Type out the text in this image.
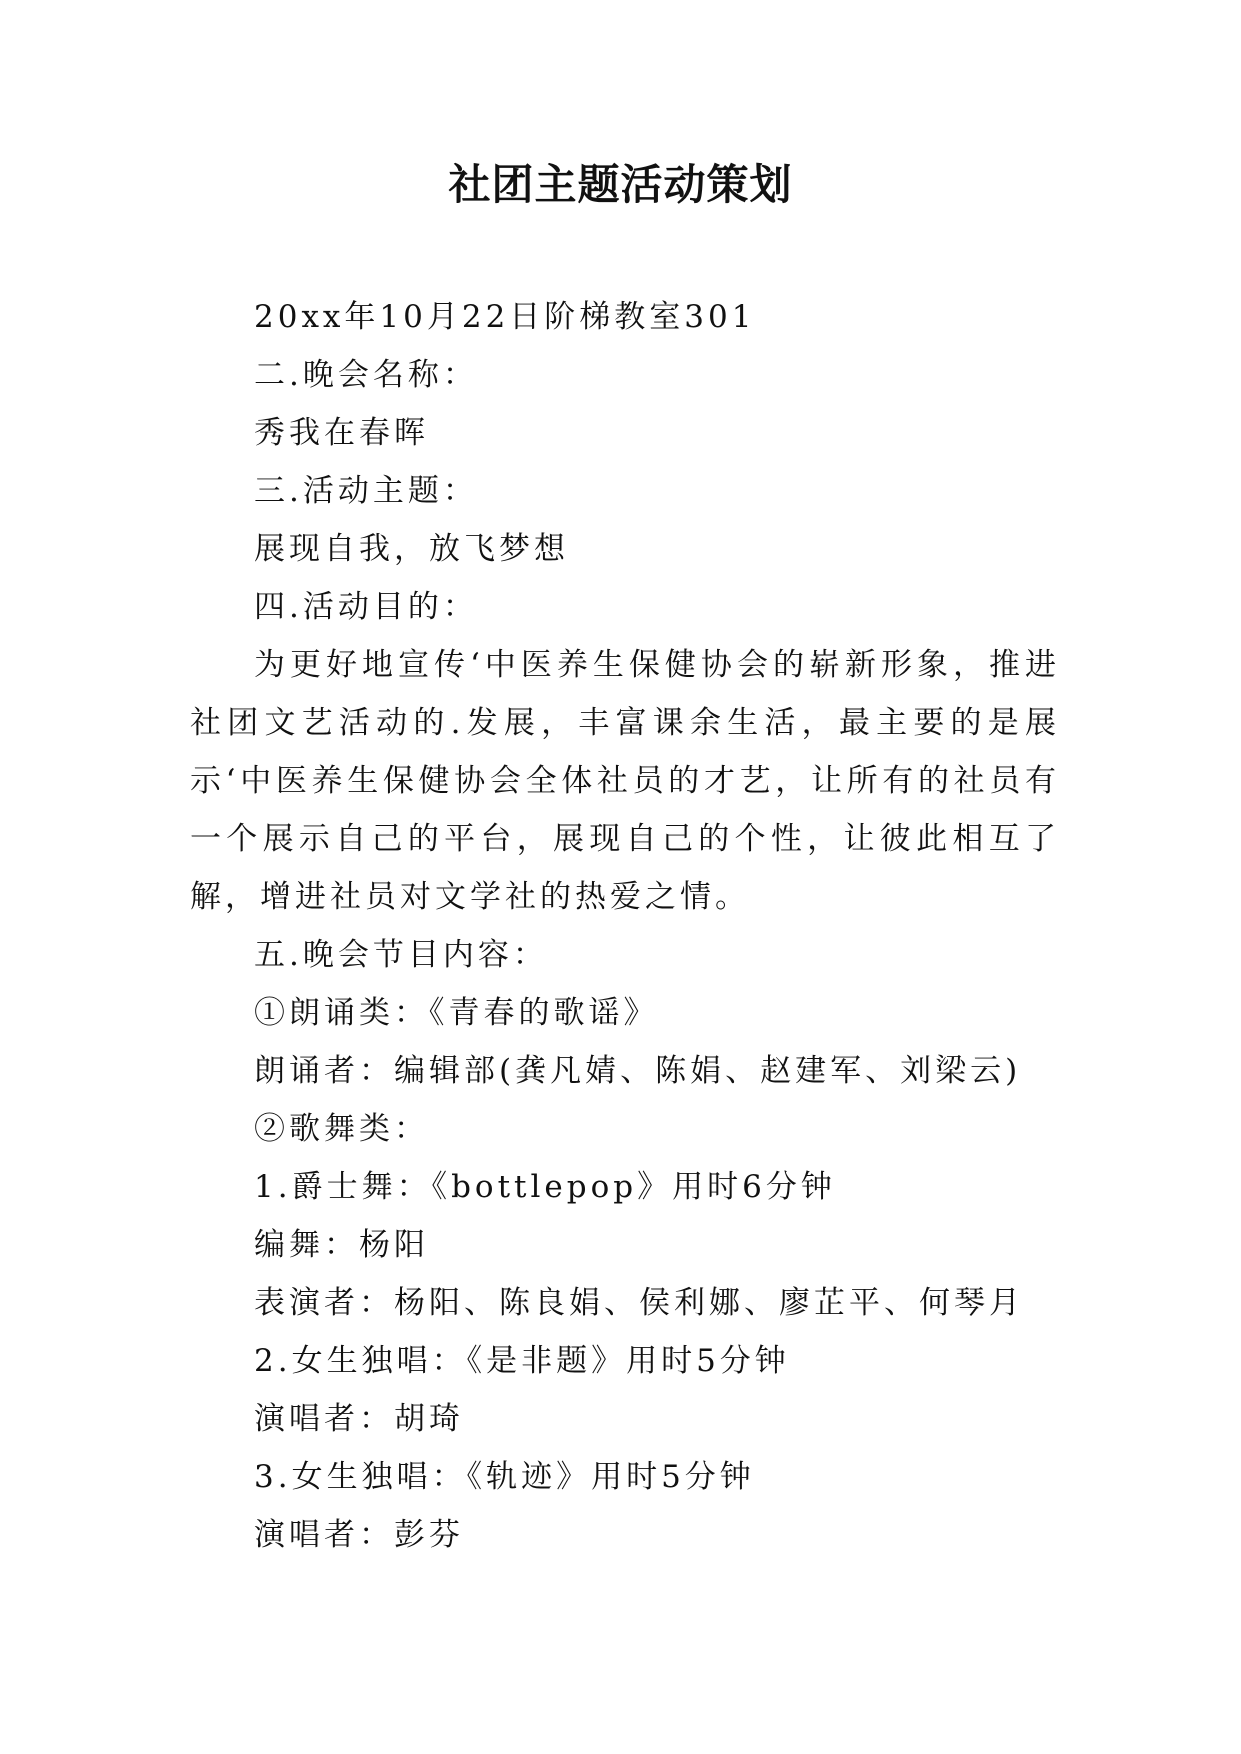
社团主题活动策划

20xx年10月22日阶梯教室301

二.晚会名称：

秀我在春晖

三.活动主题：

展现自我，放飞梦想

四.活动目的：

为更好地宣传‘中医养生保健协会的崭新形象，推进社团文艺活动的.发展，丰富课余生活，最主要的是展示‘中医养生保健协会全体社员的才艺，让所有的社员有一个展示自己的平台，展现自己的个性，让彼此相互了解，增进社员对文学社的热爱之情。

五.晚会节目内容：

①朗诵类：《青春的歌谣》

朗诵者：编辑部(龚凡婧、陈娟、赵建军、刘梁云)

②歌舞类：

1.爵士舞：《bottlepop》用时6分钟

编舞：杨阳

表演者：杨阳、陈良娟、侯利娜、廖芷平、何琴月

2.女生独唱：《是非题》用时5分钟

演唱者：胡琦

3.女生独唱：《轨迹》用时5分钟

演唱者：彭芬
